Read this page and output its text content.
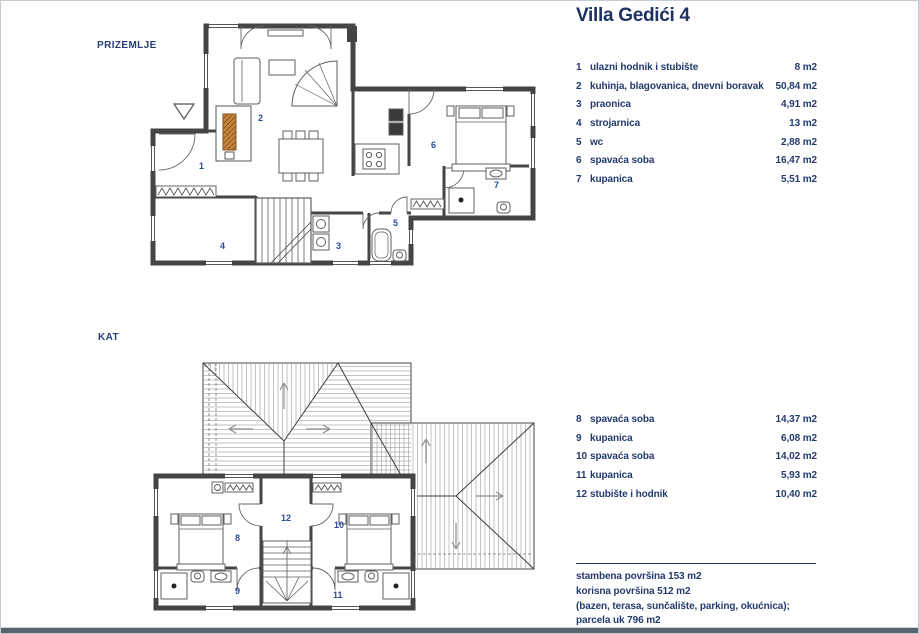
Villa Gedići 4
PRIZEMLJE
KAT
1
2
3
4
5
6
7
8
9
10
11
12
1 ulazni hodnik i stubište	8 m2
2 kuhinja, blagovanica, dnevni boravak	50,84 m2
3 praonica	4,91 m2
4 strojarnica	13 m2
5 wc	2,88 m2
6 spavaća soba	16,47 m2
7 kupanica	5,51 m2
8 spavaća soba	14,37 m2
9 kupanica	6,08 m2
10 spavaća soba	14,02 m2
11 kupanica	5,93 m2
12 stubište i hodnik	10,40 m2
stambena površina 153 m2
korisna površina 512 m2
(bazen, terasa, sunčalište, parking, okućnica);
parcela uk 796 m2
